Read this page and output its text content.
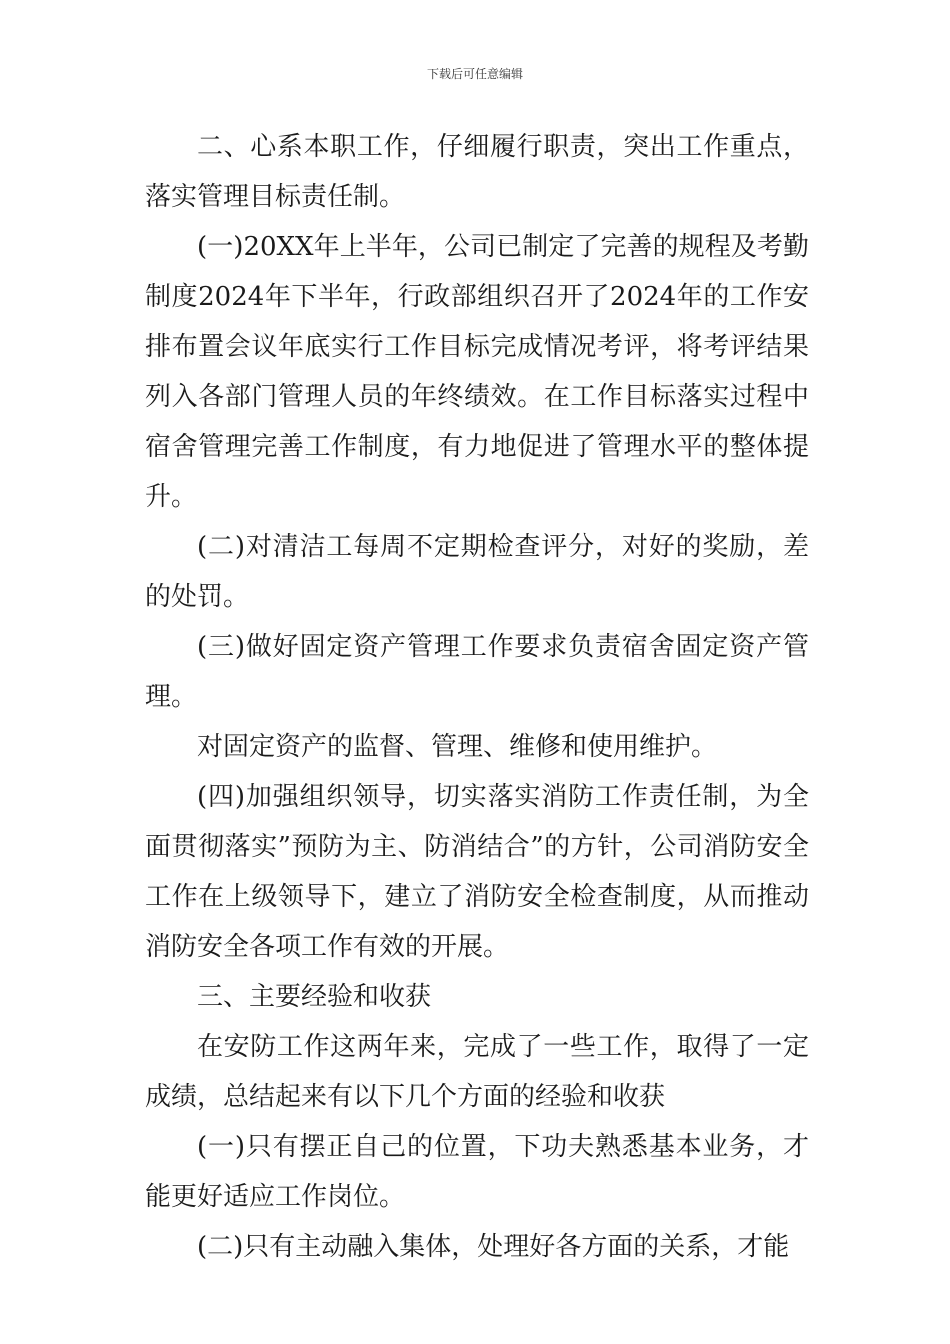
下载后可任意编辑

二、心系本职工作，仔细履行职责，突出工作重点，落实管理目标责任制。

(一)20XX年上半年，公司已制定了完善的规程及考勤制度2024年下半年，行政部组织召开了2024年的工作安排布置会议年底实行工作目标完成情况考评，将考评结果列入各部门管理人员的年终绩效。在工作目标落实过程中宿舍管理完善工作制度，有力地促进了管理水平的整体提升。

(二)对清洁工每周不定期检查评分，对好的奖励，差的处罚。

(三)做好固定资产管理工作要求负责宿舍固定资产管理。

对固定资产的监督、管理、维修和使用维护。

(四)加强组织领导，切实落实消防工作责任制，为全面贯彻落实”预防为主、防消结合”的方针，公司消防安全工作在上级领导下，建立了消防安全检查制度，从而推动消防安全各项工作有效的开展。

三、主要经验和收获

在安防工作这两年来，完成了一些工作，取得了一定成绩，总结起来有以下几个方面的经验和收获

(一)只有摆正自己的位置，下功夫熟悉基本业务，才能更好适应工作岗位。

(二)只有主动融入集体，处理好各方面的关系，才能
